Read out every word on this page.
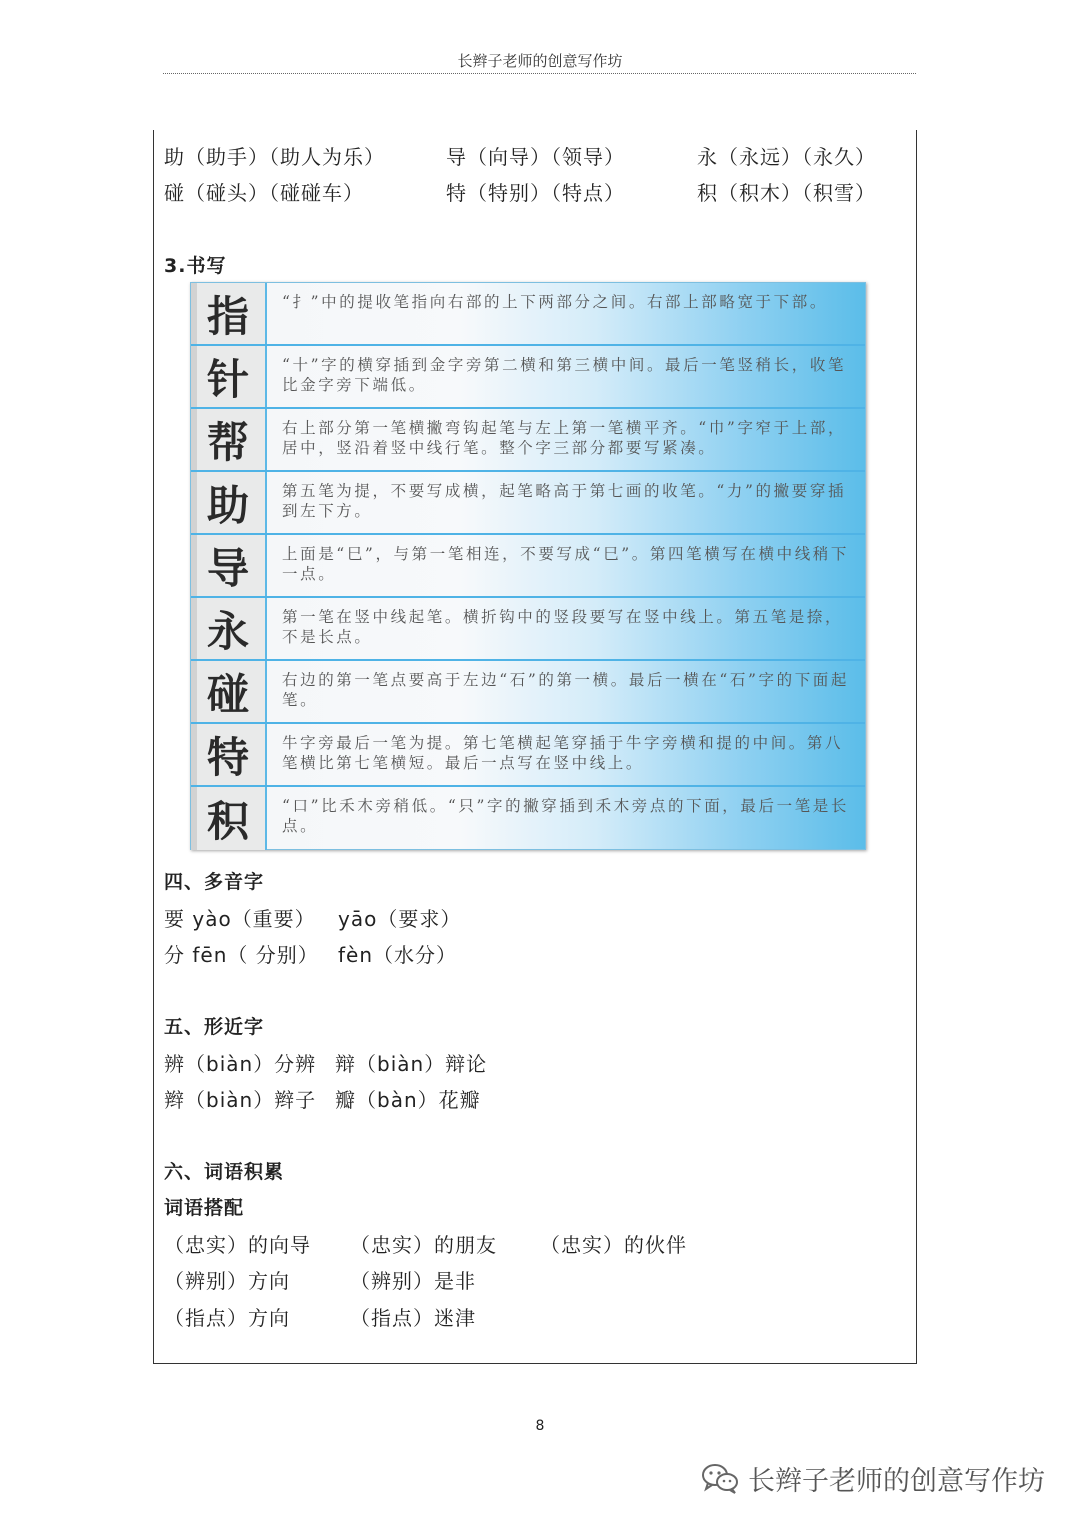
长辫子老师的创意写作坊
助（助手）（助人为乐）	导（向导）（领导）	永（永远）（永久）
碰（碰头）（碰碰车）	特（特别）（特点）	积（积木）（积雪）
3.书写
指 “扌”中的提收笔指向右部的上下两部分之间。右部上部略宽于下部。
针 “十”字的横穿插到金字旁第二横和第三横中间。最后一笔竖稍长，收笔比金字旁下端低。
帮 右上部分第一笔横撇弯钩起笔与左上第一笔横平齐。“巾”字窄于上部，居中，竖沿着竖中线行笔。整个字三部分都要写紧凑。
助 第五笔为提，不要写成横，起笔略高于第七画的收笔。“力”的撇要穿插到左下方。
导 上面是“巳”，与第一笔相连，不要写成“巳”。第四笔横写在横中线稍下一点。
永 第一笔在竖中线起笔。横折钩中的竖段要写在竖中线上。第五笔是捺，不是长点。
碰 右边的第一笔点要高于左边“石”的第一横。最后一横在“石”字的下面起笔。
特 牛字旁最后一笔为提。第七笔横起笔穿插于牛字旁横和提的中间。第八笔横比第七笔横短。最后一点写在竖中线上。
积 “口”比禾木旁稍低。“只”字的撇穿插到禾木旁点的下面，最后一笔是长点。
四、多音字
要 yào（重要） yāo（要求）
分 fēn（ 分别） fèn（水分）
五、形近字
辨（biàn）分辨 辩（biàn）辩论
辫（biàn）辫子 瓣（bàn）花瓣
六、词语积累
词语搭配
（忠实）的向导 （忠实）的朋友 （忠实）的伙伴
（辨别）方向	（辨别）是非
（指点）方向	（指点）迷津
8
长辫子老师的创意写作坊
